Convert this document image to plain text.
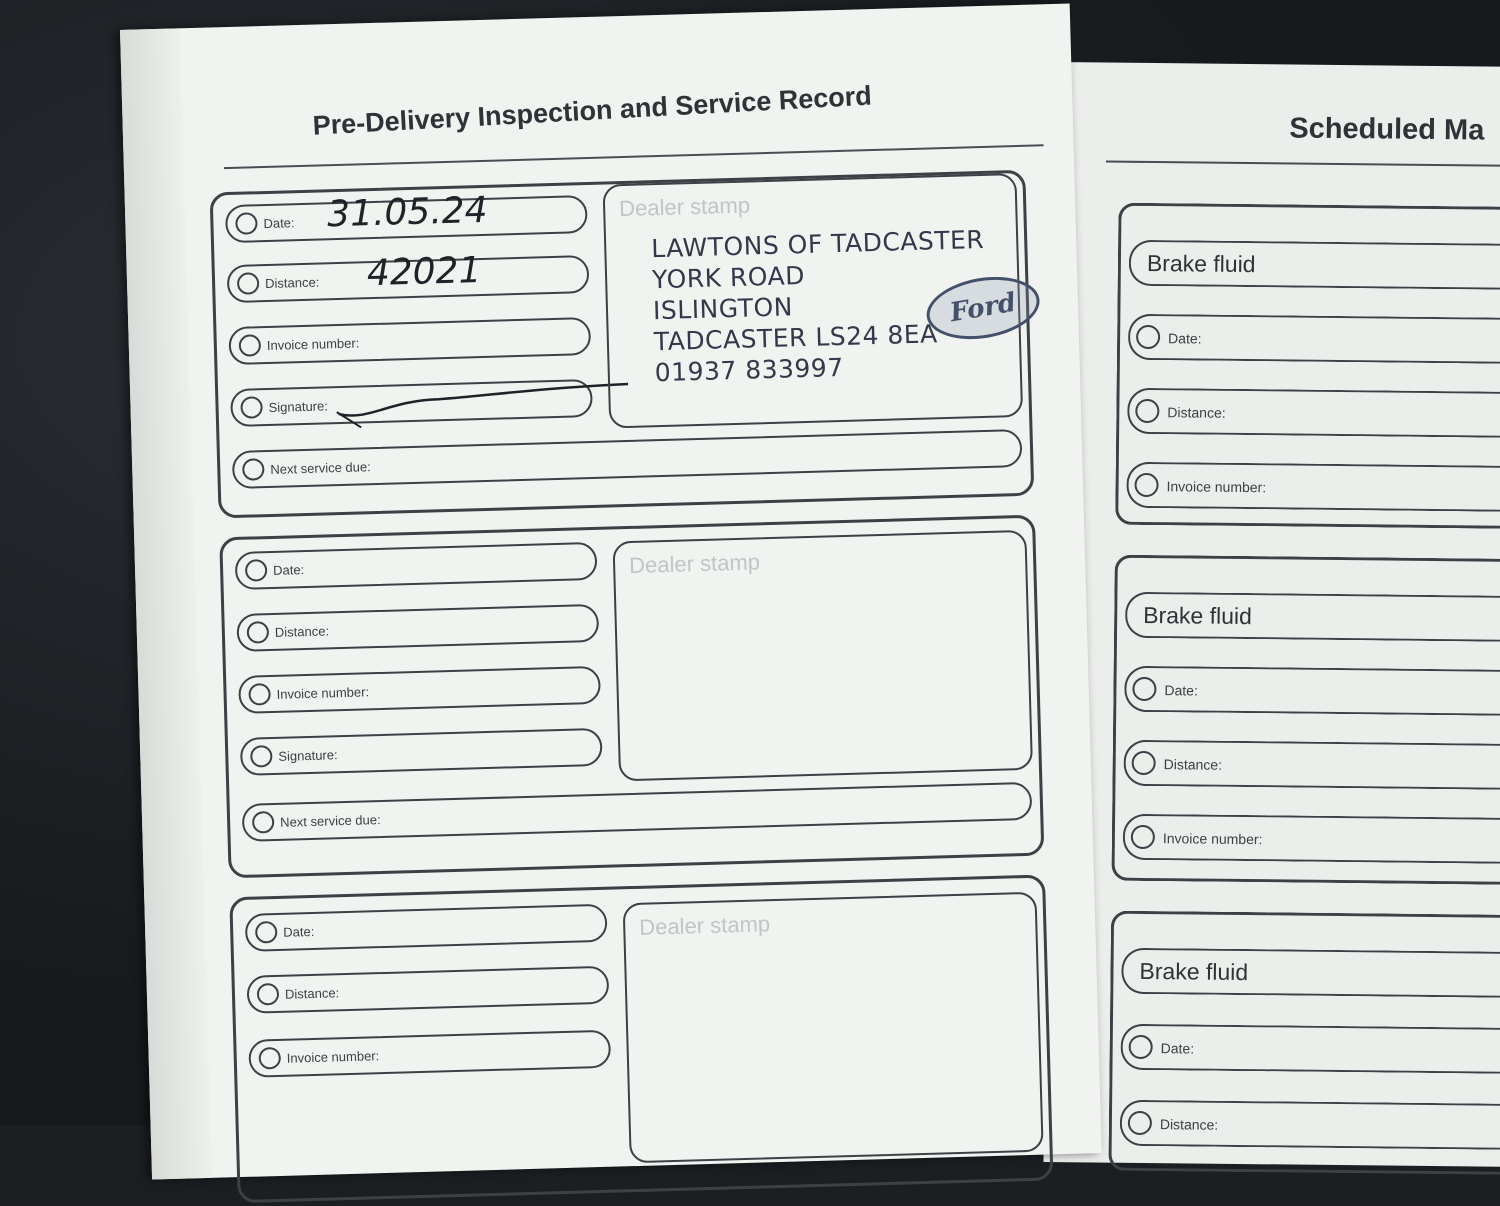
Scheduled Ma
Brake fluid
Date:
Distance:
Invoice number:
Brake fluid
Date:
Distance:
Invoice number:
Brake fluid
Date:
Distance:
Pre-Delivery Inspection and Service Record
Date: 31.05.24
Distance: 42021
Invoice number:
Signature:
Next service due:
Dealer stamp
LAWTONS OF TADCASTER
YORK ROAD
ISLINGTON
TADCASTER LS24 8EA
01937 833997
Ford
Date:
Distance:
Invoice number:
Signature:
Next service due:
Dealer stamp
Date:
Distance:
Invoice number:
Dealer stamp
